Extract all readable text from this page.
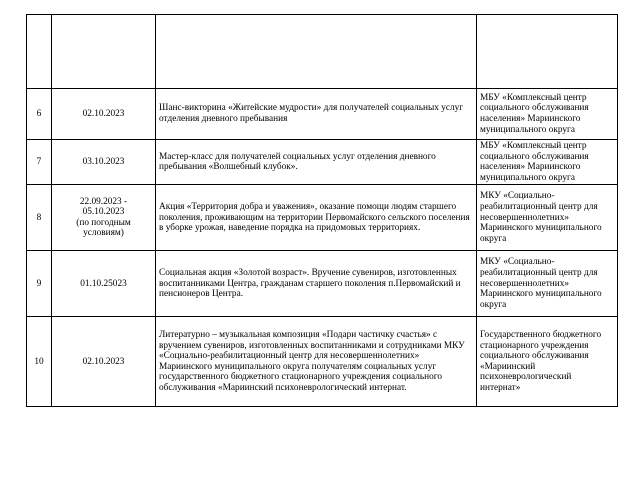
6	02.10.2023	Шанс-викторина «Житейские мудрости» для получателей социальных услуг отделения дневного пребывания	МБУ «Комплексный центр социального обслуживания населения» Мариинского муниципального округа
7	03.10.2023	Мастер-класс для получателей социальных услуг отделения дневного пребывания «Волшебный клубок».	МБУ «Комплексный центр социального обслуживания населения» Мариинского муниципального округа
8	22.09.2023 -
05.10.2023
(по погодным
условиям)	Акция «Территория добра и уважения», оказание помощи людям старшего поколения, проживающим на территории Первомайского сельского поселения в уборке урожая, наведение порядка на придомовых территориях.	МКУ «Социально-реабилитационный центр для несовершеннолетних» Мариинского муниципального округа
9	01.10.25023	Социальная акция «Золотой возраст». Вручение сувениров, изготовленных воспитанниками Центра, гражданам старшего поколения п.Первомайский и пенсионеров Центра.	МКУ «Социально-реабилитационный центр для несовершеннолетних» Мариинского муниципального округа
10	02.10.2023	Литературно – музыкальная композиция «Подари частичку счастья» с вручением сувениров, изготовленных воспитанниками и сотрудниками МКУ «Социально-реабилитационный центр для несовершеннолетних» Мариинского муниципального округа получателям социальных услуг государственного бюджетного стационарного учреждения социального обслуживания «Мариинский психоневрологический интернат.	Государственного бюджетного стационарного учреждения социального обслуживания «Мариинский психоневрологический интернат»
